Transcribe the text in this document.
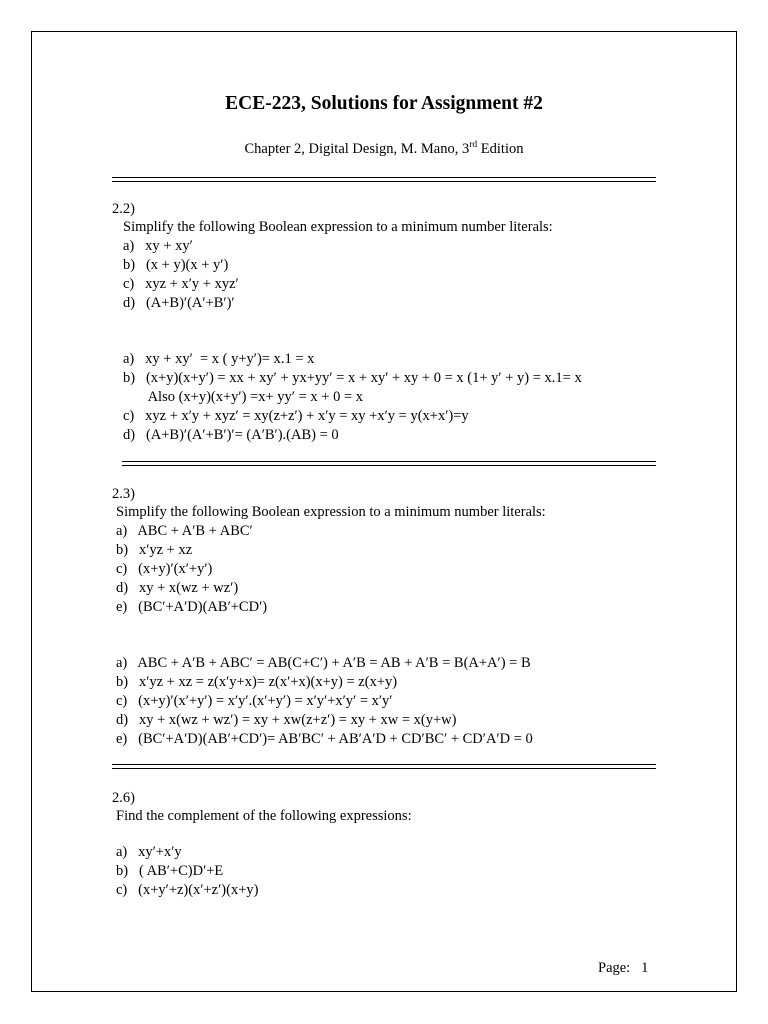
ECE-223, Solutions for Assignment #2
Chapter 2, Digital Design, M. Mano, 3rd Edition
2.2)
Simplify the following Boolean expression to a minimum number literals:
a)   xy + xy′
b)   (x + y)(x + y′)
c)   xyz + x′y + xyz′
d)   (A+B)′(A′+B′)′
a)   xy + xy′  = x ( y+y′)= x.1 = x
b)   (x+y)(x+y′) = xx + xy′ + yx+yy′ = x + xy′ + xy + 0 = x (1+ y′ + y) = x.1= x
Also (x+y)(x+y′) =x+ yy′ = x + 0 = x
c)   xyz + x′y + xyz′ = xy(z+z′) + x′y = xy +x′y = y(x+x′)=y
d)   (A+B)′(A′+B′)′= (A′B′).(AB) = 0
2.3)
Simplify the following Boolean expression to a minimum number literals:
a)   ABC + A′B + ABC′
b)   x′yz + xz
c)   (x+y)′(x′+y′)
d)   xy + x(wz + wz′)
e)   (BC′+A′D)(AB′+CD′)
a)   ABC + A′B + ABC′ = AB(C+C′) + A′B = AB + A′B = B(A+A′) = B
b)   x′yz + xz = z(x′y+x)= z(x′+x)(x+y) = z(x+y)
c)   (x+y)′(x′+y′) = x′y′.(x′+y′) = x′y′+x′y′ = x′y′
d)   xy + x(wz + wz′) = xy + xw(z+z′) = xy + xw = x(y+w)
e)   (BC′+A′D)(AB′+CD′)= AB′BC′ + AB′A′D + CD′BC′ + CD′A′D = 0
2.6)
Find the complement of the following expressions:
a)   xy′+x′y
b)   ( AB′+C)D′+E
c)   (x+y′+z)(x′+z′)(x+y)
Page:   1
